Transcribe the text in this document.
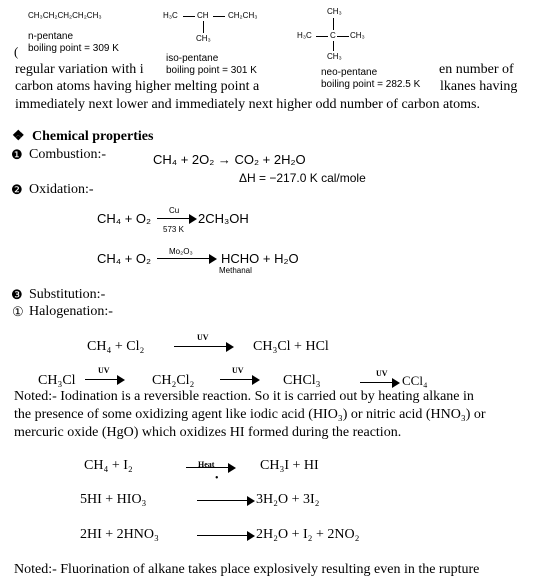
CH₃CH₂CH₂CH₂CH₃
n-pentane
boiling point = 309 K
H₃C CH CH₂CH₃
CH₃
iso-pentane
boiling point = 301 K
CH₃
H₃C C CH₃
CH₃
neo-pentane
boiling point = 282.5 K
(
regular variation with i	en number of
carbon atoms having higher melting point a	lkanes having
immediately next lower and immediately next higher odd number of carbon atoms.
❖ Chemical properties
❶ Combustion:-	CH₄ + 2O₂ → CO₂ + 2H₂O
ΔH = −217.0 K cal/mole
❷ Oxidation:-
CH₄ + O₂
Cu
573 K
2CH₃OH
CH₄ + O₂ Mo₂O₃ HCHO + H₂O
Methanal
❸ Substitution:-
① Halogenation:-
CH₄ + Cl₂
UV
CH₃Cl + HCl
CH₃Cl
UV
CH₂Cl₂
UV
CHCl₃	UV CCl₄
Noted:- Iodination is a reversible reaction. So it is carried out by heating alkane in
the presence of some oxidizing agent like iodic acid (HIO₃) or nitric acid (HNO₃) or
mercuric oxide (HgO) which oxidizes HI formed during the reaction.
CH₄ + I₂	Heat
•
CH₃I + HI
5HI + HIO₃	3H₂O + 3I₂
2HI + 2HNO₃	2H₂O + I₂ + 2NO₂
Noted:- Fluorination of alkane takes place explosively resulting even in the rupture
